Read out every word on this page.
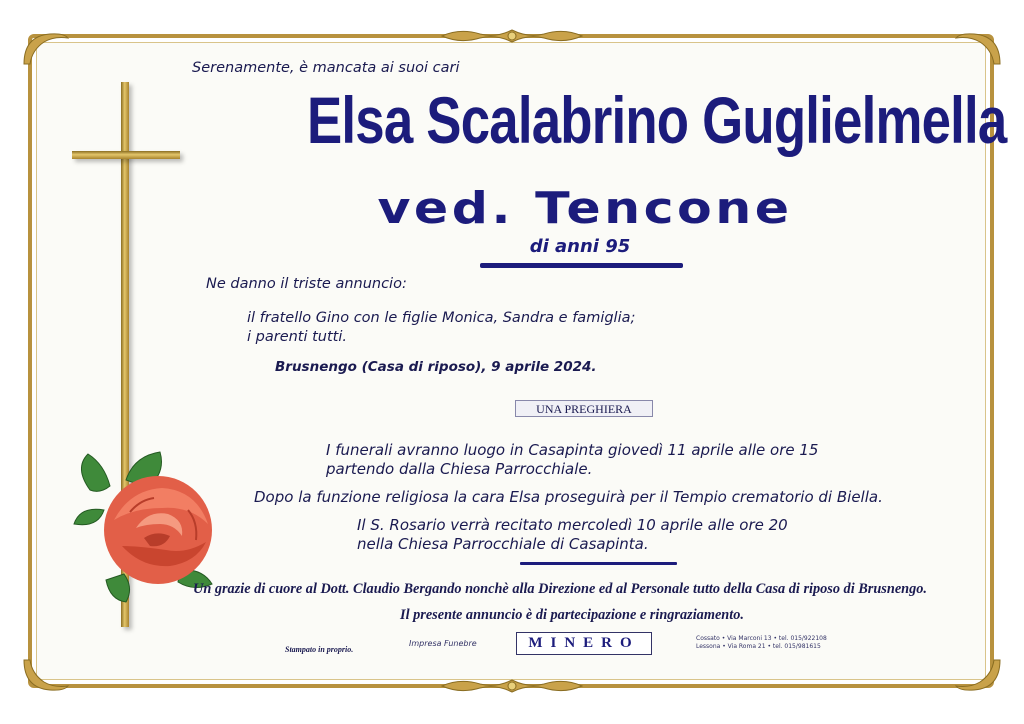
Serenamente, è mancata ai suoi cari
Elsa Scalabrino Guglielmella
ved. Tencone
di anni 95
Ne danno il triste annuncio:
il fratello Gino con le figlie Monica, Sandra e famiglia;
i parenti tutti.
Brusnengo (Casa di riposo), 9 aprile 2024.
UNA PREGHIERA
I funerali avranno luogo in Casapinta giovedì 11 aprile alle ore 15
partendo dalla Chiesa Parrocchiale.
Dopo la funzione religiosa la cara Elsa proseguirà per il Tempio crematorio di Biella.
Il S. Rosario verrà recitato mercoledì 10 aprile alle ore 20
nella Chiesa Parrocchiale di Casapinta.
Un grazie di cuore al Dott. Claudio Bergando nonchè alla Direzione ed al Personale tutto della Casa di riposo di Brusnengo.
Il presente annuncio è di partecipazione e ringraziamento.
Stampato in proprio.
Impresa Funebre	MINERO	Cossato • Via Marconi 13 • tel. 015/922108
Lessona • Via Roma 21 • tel. 015/981615
